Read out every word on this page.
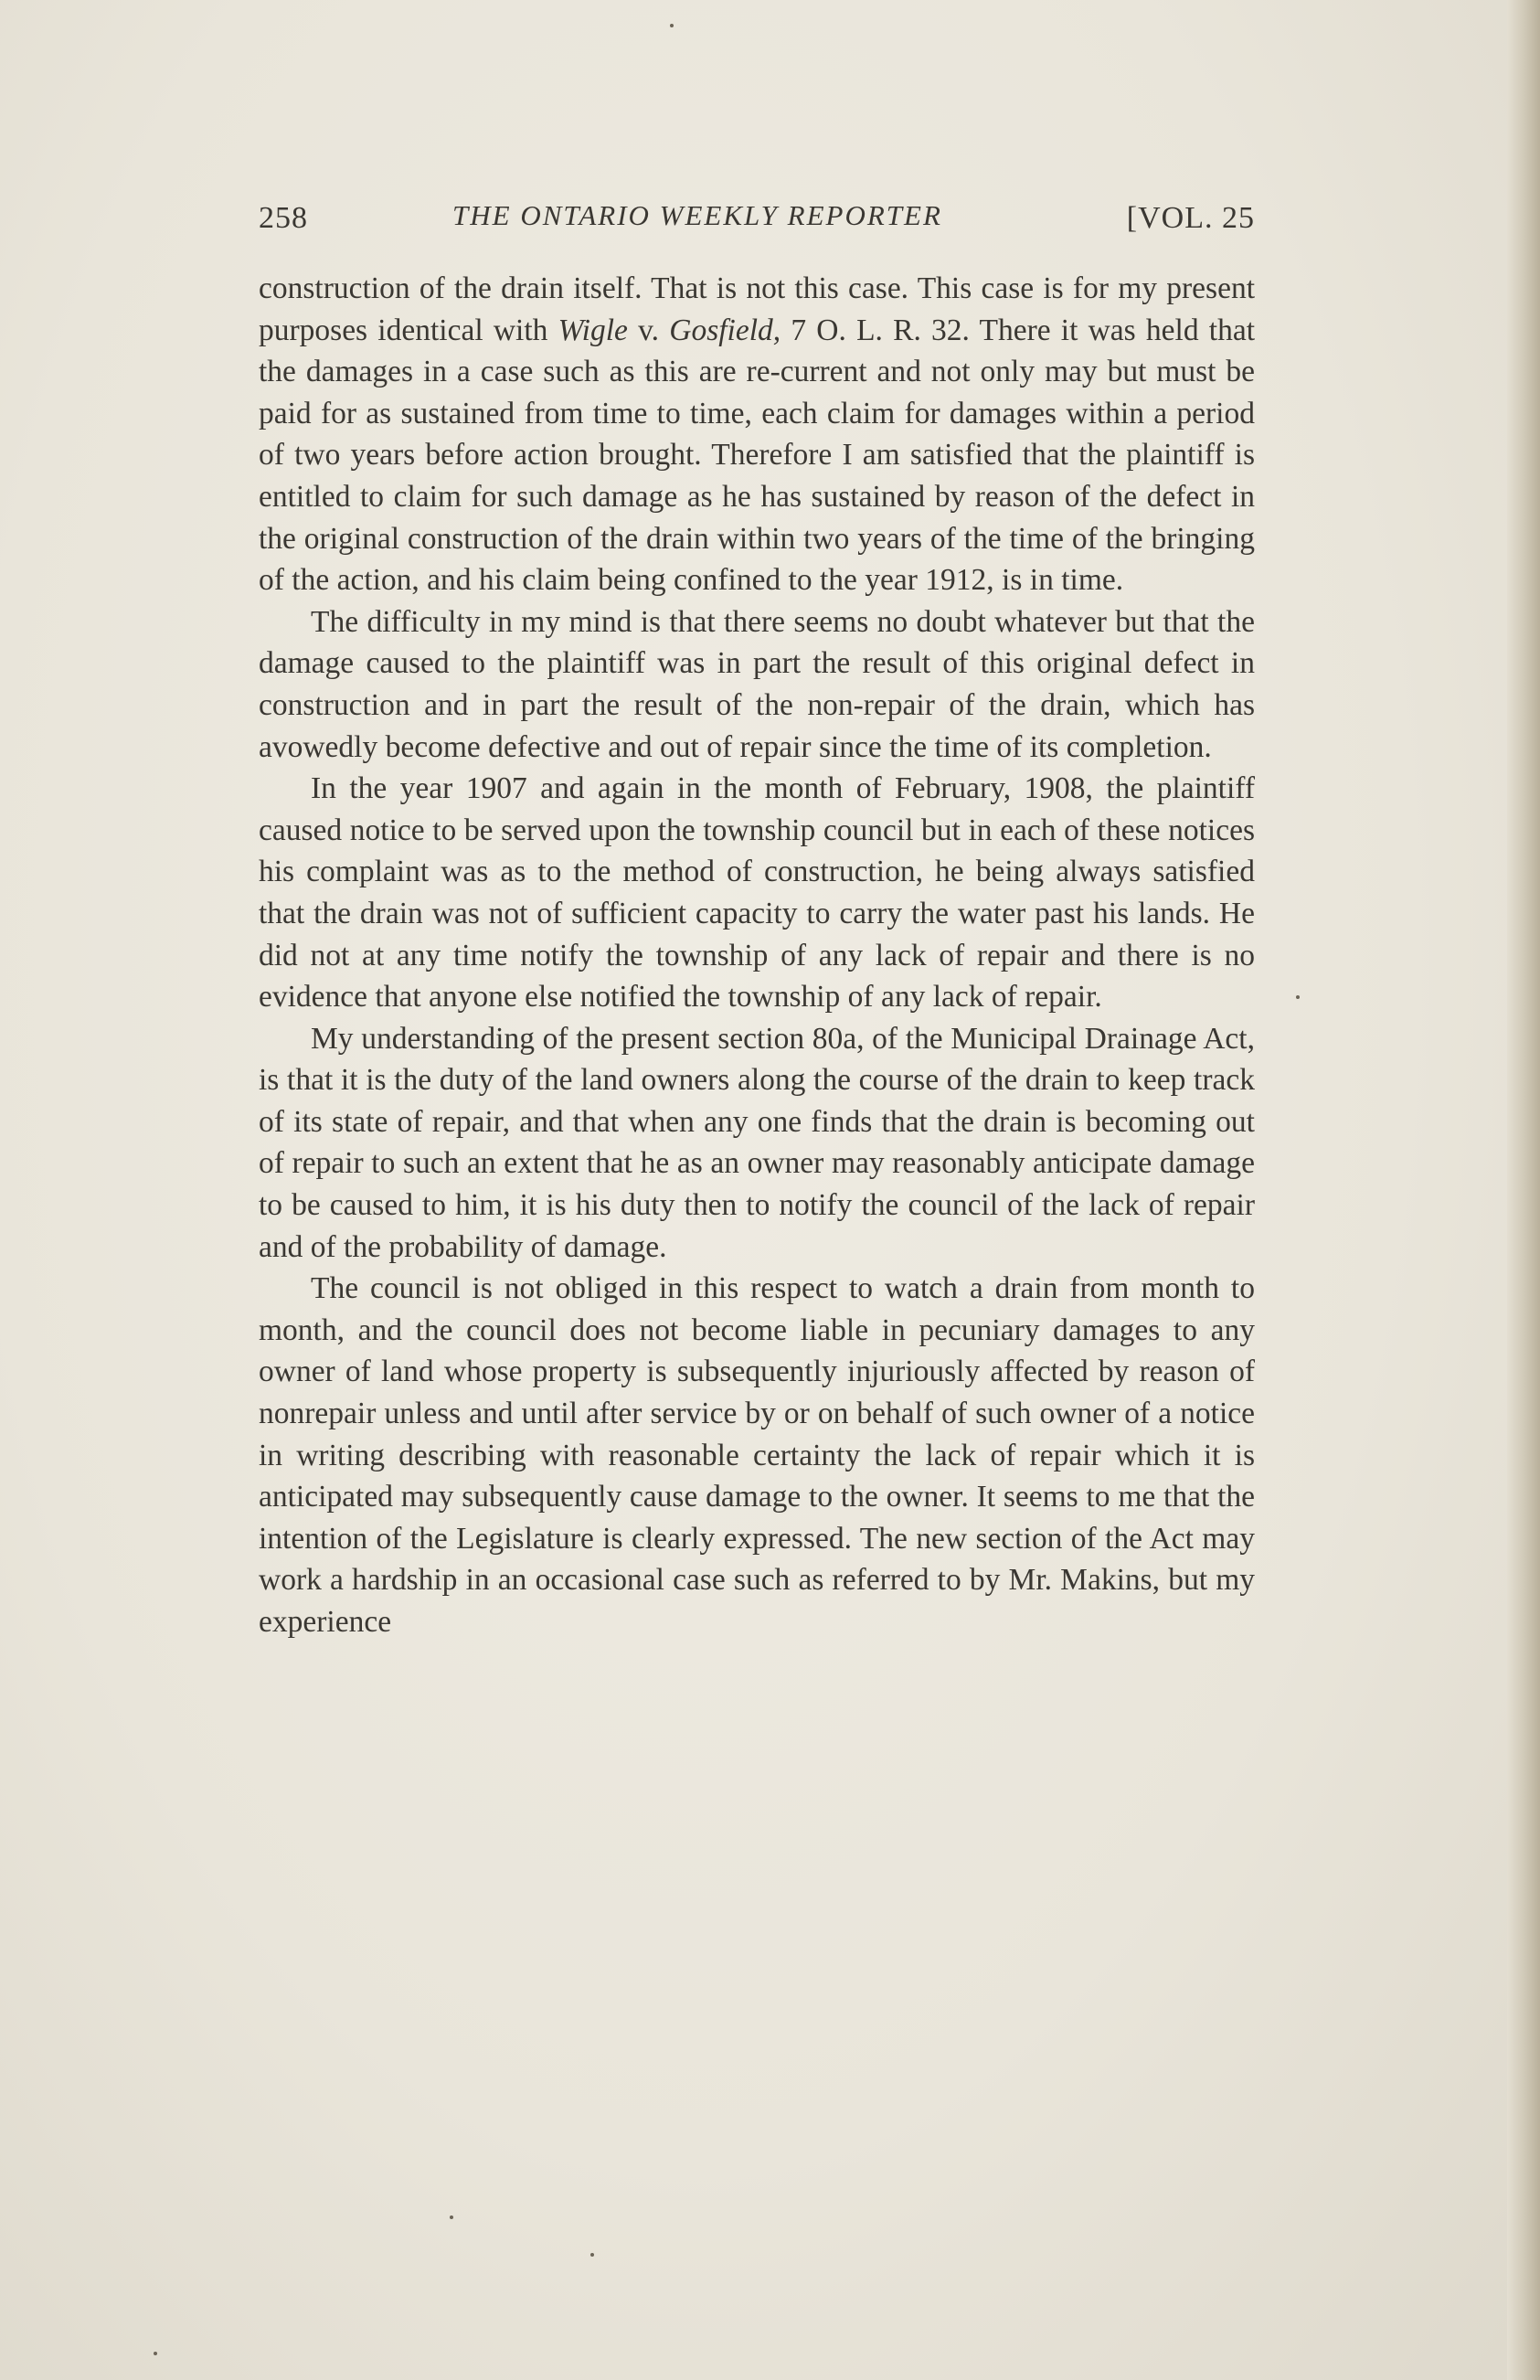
258	THE ONTARIO WEEKLY REPORTER	[VOL. 25

construction of the drain itself. That is not this case. This case is for my present purposes identical with Wigle v. Gosfield, 7 O. L. R. 32. There it was held that the damages in a case such as this are re-current and not only may but must be paid for as sustained from time to time, each claim for damages within a period of two years before action brought. Therefore I am satisfied that the plaintiff is entitled to claim for such damage as he has sustained by reason of the defect in the original construction of the drain within two years of the time of the bringing of the action, and his claim being confined to the year 1912, is in time.

The difficulty in my mind is that there seems no doubt whatever but that the damage caused to the plaintiff was in part the result of this original defect in construction and in part the result of the non-repair of the drain, which has avowedly become defective and out of repair since the time of its completion.

In the year 1907 and again in the month of February, 1908, the plaintiff caused notice to be served upon the township council but in each of these notices his complaint was as to the method of construction, he being always satisfied that the drain was not of sufficient capacity to carry the water past his lands. He did not at any time notify the township of any lack of repair and there is no evidence that anyone else notified the township of any lack of repair.

My understanding of the present section 80a, of the Municipal Drainage Act, is that it is the duty of the land owners along the course of the drain to keep track of its state of repair, and that when any one finds that the drain is becoming out of repair to such an extent that he as an owner may reasonably anticipate damage to be caused to him, it is his duty then to notify the council of the lack of repair and of the probability of damage.

The council is not obliged in this respect to watch a drain from month to month, and the council does not become liable in pecuniary damages to any owner of land whose property is subsequently injuriously affected by reason of nonrepair unless and until after service by or on behalf of such owner of a notice in writing describing with reasonable certainty the lack of repair which it is anticipated may subsequently cause damage to the owner. It seems to me that the intention of the Legislature is clearly expressed. The new section of the Act may work a hardship in an occasional case such as referred to by Mr. Makins, but my experience
